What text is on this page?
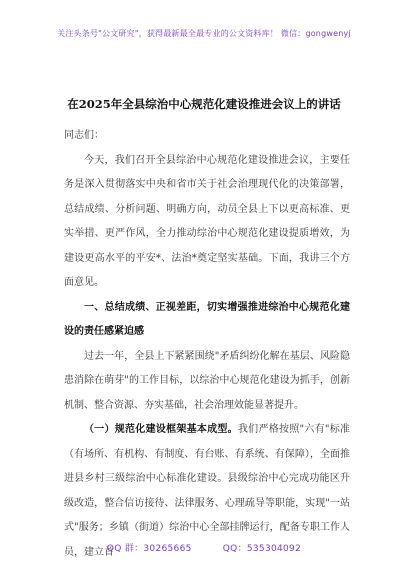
关注头条号"公文研究"，获得最新最全最专业的公文资料库！ 微信：gongwenyj
在2025年全县综治中心规范化建设推进会议上的讲话

同志们：

今天，我们召开全县综治中心规范化建设推进会议，主要任务是深入贯彻落实中央和省市关于社会治理现代化的决策部署，总结成绩、分析问题、明确方向，动员全县上下以更高标准、更实举措、更严作风，全力推动综治中心规范化建设提质增效，为建设更高水平的平安*、法治*奠定坚实基础。下面，我讲三个方面意见。

一、总结成绩、正视差距，切实增强推进综治中心规范化建设的责任感紧迫感

过去一年，全县上下紧紧围绕"矛盾纠纷化解在基层、风险隐患消除在萌芽"的工作目标，以综治中心规范化建设为抓手，创新机制、整合资源、夯实基础，社会治理效能显著提升。

（一）规范化建设框架基本成型。我们严格按照"六有"标准（有场所、有机构、有制度、有台账、有系统、有保障），全面推进县乡村三级综治中心标准化建设。县级综治中心完成功能区升级改造，整合信访接待、法律服务、心理疏导等职能，实现"一站式"服务；乡镇（街道）综治中心全部挂牌运行，配备专职工作人员，建立首

QQ 群：30265665	QQ：535304092
